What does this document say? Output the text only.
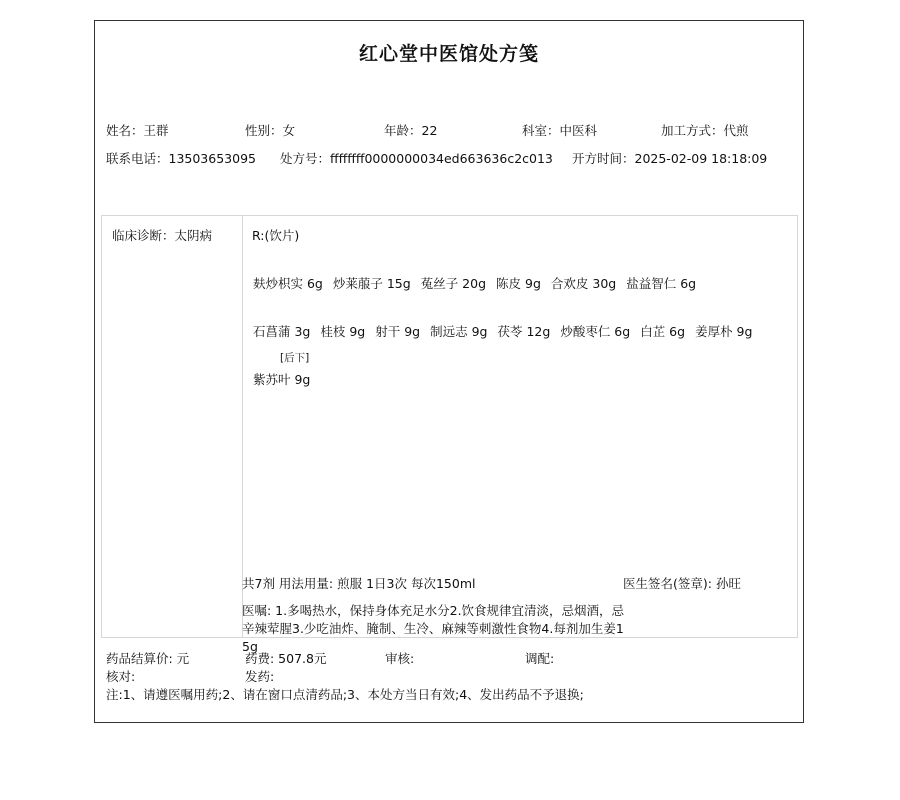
红心堂中医馆处方笺
姓名：王群	性别：女	年龄：22	科室：中医科	加工方式：代煎
联系电话：13503653095 处方号：ffffffff0000000034ed663636c2c013 开方时间：2025-02-09 18:18:09
临床诊断：太阴病	R:(饮片)
麸炒枳实 6g 炒莱菔子 15g 菟丝子 20g 陈皮 9g 合欢皮 30g 盐益智仁 6g
石菖蒲 3g 桂枝 9g 射干 9g 制远志 9g 茯苓 12g 炒酸枣仁 6g 白芷 6g 姜厚朴 9g
[后下]
紫苏叶 9g
共7剂 用法用量: 煎服 1日3次 每次150ml	医生签名(签章): 孙旺
医嘱: 1.多喝热水，保持身体充足水分2.饮食规律宜清淡，忌烟酒，忌辛辣荤腥3.少吃油炸、腌制、生冷、麻辣等刺激性食物4.每剂加生姜15g
药品结算价: 元	药费: 507.8元	审核:	调配:
核对:	发药:
注:1、请遵医嘱用药;2、请在窗口点清药品;3、本处方当日有效;4、发出药品不予退换;
